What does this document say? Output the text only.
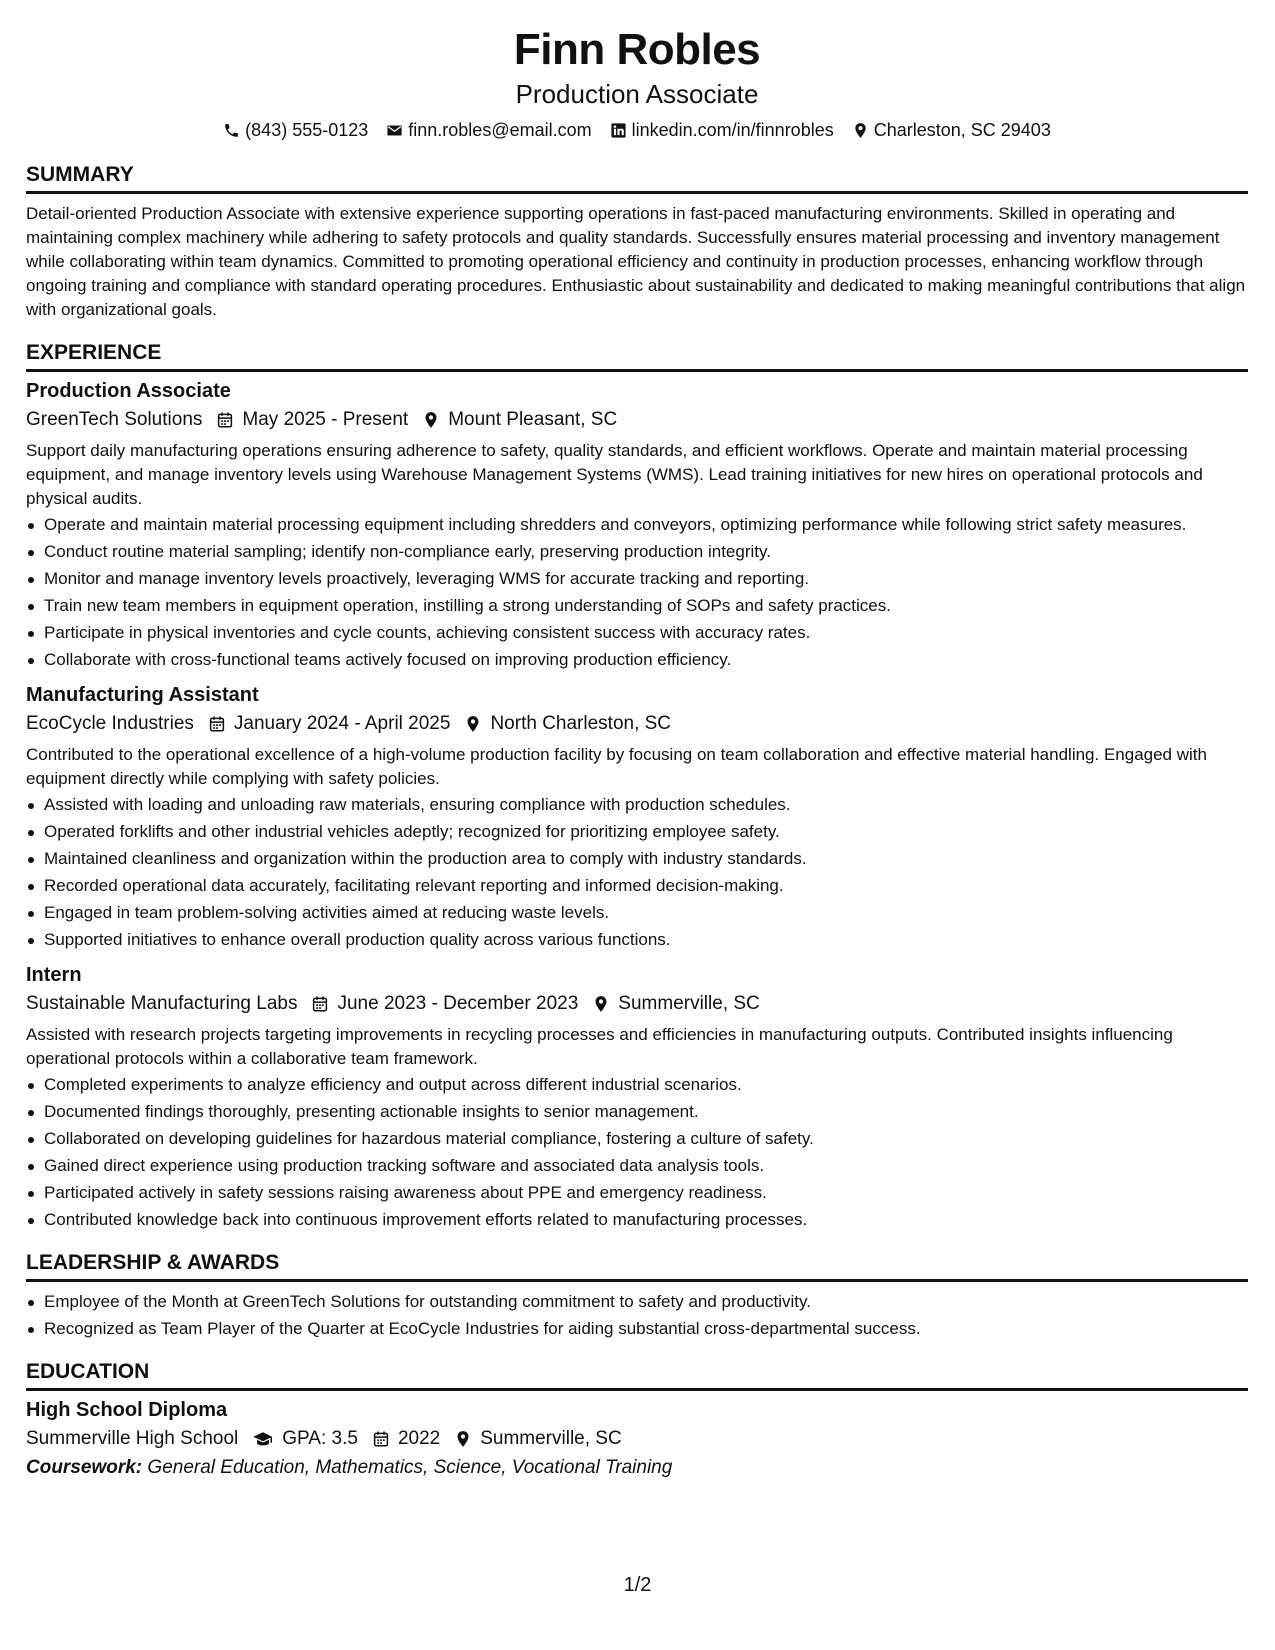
Finn Robles
Production Associate
(843) 555-0123 finn.robles@email.com linkedin.com/in/finnrobles Charleston, SC 29403
SUMMARY
Detail-oriented Production Associate with extensive experience supporting operations in fast-paced manufacturing environments. Skilled in operating and maintaining complex machinery while adhering to safety protocols and quality standards. Successfully ensures material processing and inventory management while collaborating within team dynamics. Committed to promoting operational efficiency and continuity in production processes, enhancing workflow through ongoing training and compliance with standard operating procedures. Enthusiastic about sustainability and dedicated to making meaningful contributions that align with organizational goals.
EXPERIENCE
Production Associate
GreenTech Solutions May 2025 - Present Mount Pleasant, SC
Support daily manufacturing operations ensuring adherence to safety, quality standards, and efficient workflows. Operate and maintain material processing equipment, and manage inventory levels using Warehouse Management Systems (WMS). Lead training initiatives for new hires on operational protocols and physical audits.
Operate and maintain material processing equipment including shredders and conveyors, optimizing performance while following strict safety measures.
Conduct routine material sampling; identify non-compliance early, preserving production integrity.
Monitor and manage inventory levels proactively, leveraging WMS for accurate tracking and reporting.
Train new team members in equipment operation, instilling a strong understanding of SOPs and safety practices.
Participate in physical inventories and cycle counts, achieving consistent success with accuracy rates.
Collaborate with cross-functional teams actively focused on improving production efficiency.
Manufacturing Assistant
EcoCycle Industries January 2024 - April 2025 North Charleston, SC
Contributed to the operational excellence of a high-volume production facility by focusing on team collaboration and effective material handling. Engaged with equipment directly while complying with safety policies.
Assisted with loading and unloading raw materials, ensuring compliance with production schedules.
Operated forklifts and other industrial vehicles adeptly; recognized for prioritizing employee safety.
Maintained cleanliness and organization within the production area to comply with industry standards.
Recorded operational data accurately, facilitating relevant reporting and informed decision-making.
Engaged in team problem-solving activities aimed at reducing waste levels.
Supported initiatives to enhance overall production quality across various functions.
Intern
Sustainable Manufacturing Labs June 2023 - December 2023 Summerville, SC
Assisted with research projects targeting improvements in recycling processes and efficiencies in manufacturing outputs. Contributed insights influencing operational protocols within a collaborative team framework.
Completed experiments to analyze efficiency and output across different industrial scenarios.
Documented findings thoroughly, presenting actionable insights to senior management.
Collaborated on developing guidelines for hazardous material compliance, fostering a culture of safety.
Gained direct experience using production tracking software and associated data analysis tools.
Participated actively in safety sessions raising awareness about PPE and emergency readiness.
Contributed knowledge back into continuous improvement efforts related to manufacturing processes.
LEADERSHIP & AWARDS
Employee of the Month at GreenTech Solutions for outstanding commitment to safety and productivity.
Recognized as Team Player of the Quarter at EcoCycle Industries for aiding substantial cross-departmental success.
EDUCATION
High School Diploma
Summerville High School GPA: 3.5 2022 Summerville, SC
Coursework: General Education, Mathematics, Science, Vocational Training
1/2
